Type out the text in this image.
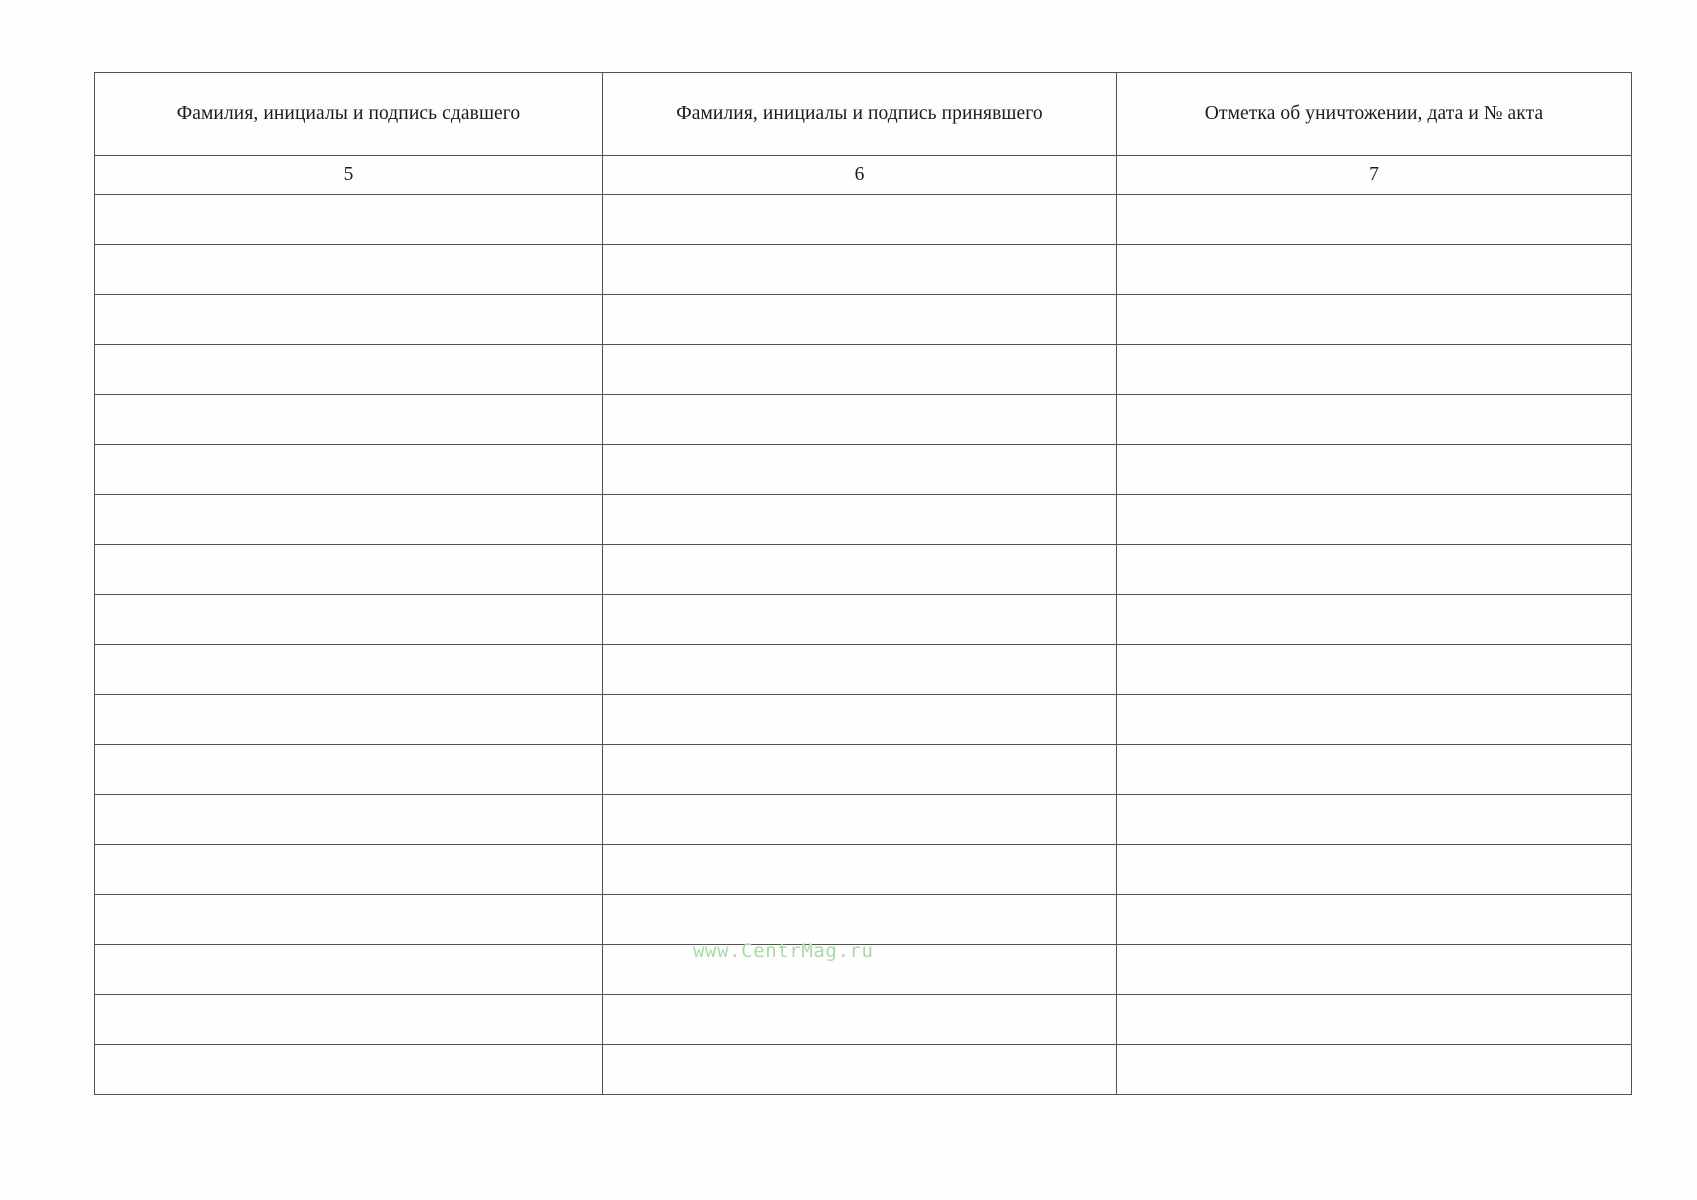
Фамилия, инициалы и подпись сдавшего	Фамилия, инициалы и подпись принявшего	Отметка об уничтожении, дата и № акта
5	6	7

www.CentrMag.ru
